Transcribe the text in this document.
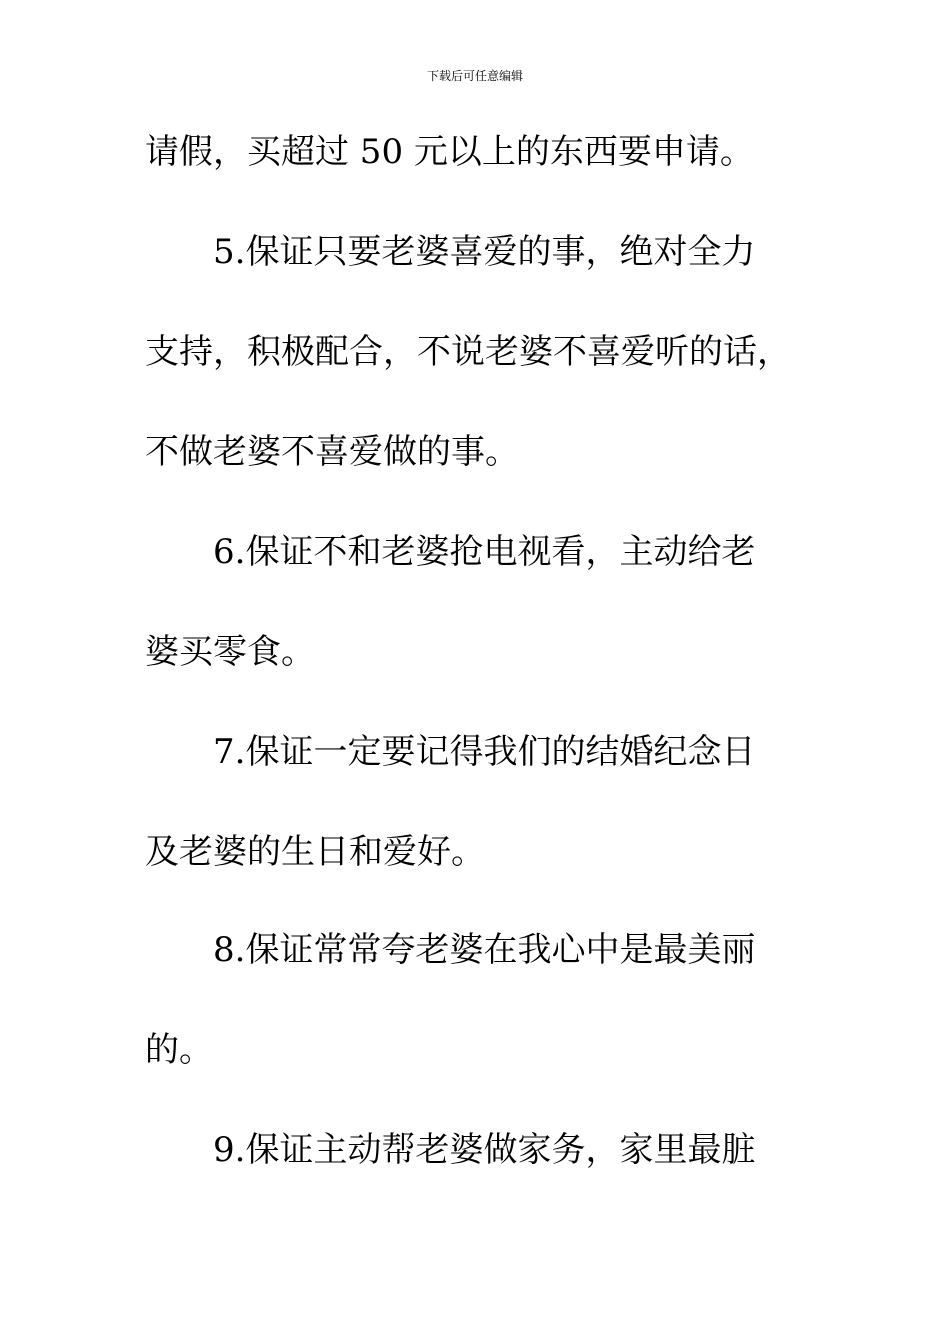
下载后可任意编辑
请假，买超过 50 元以上的东西要申请。
5.保证只要老婆喜爱的事，绝对全力
支持，积极配合，不说老婆不喜爱听的话，
不做老婆不喜爱做的事。
6.保证不和老婆抢电视看，主动给老
婆买零食。
7.保证一定要记得我们的结婚纪念日
及老婆的生日和爱好。
8.保证常常夸老婆在我心中是最美丽
的。
9.保证主动帮老婆做家务，家里最脏
